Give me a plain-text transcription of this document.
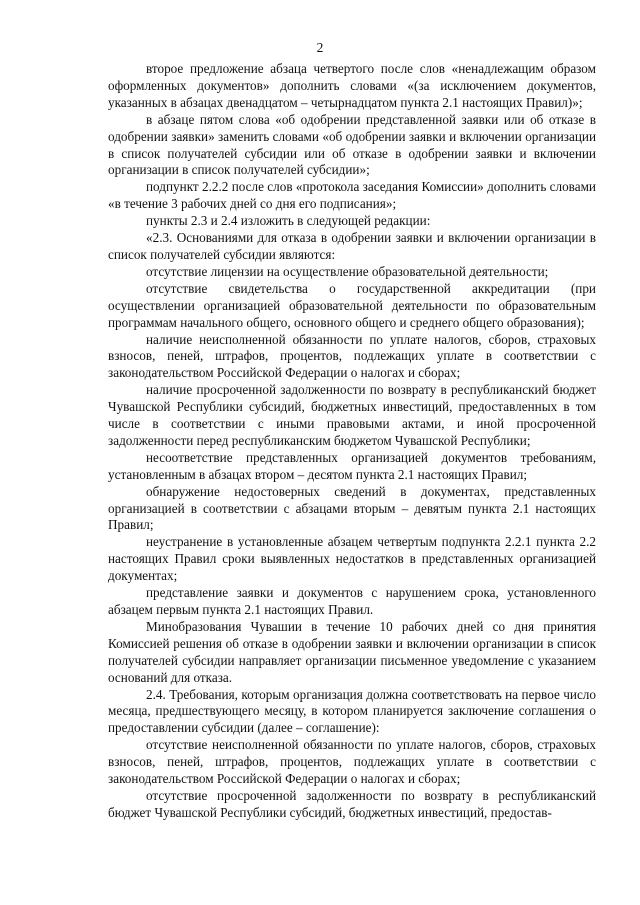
2

второе предложение абзаца четвертого после слов «ненадлежащим образом оформленных документов» дополнить словами «(за исключением документов, указанных в абзацах двенадцатом – четырнадцатом пункта 2.1 настоящих Правил)»;

в абзаце пятом слова «об одобрении представленной заявки или об отказе в одобрении заявки» заменить словами «об одобрении заявки и включении организации в список получателей субсидии или об отказе в одобрении заявки и включении организации в список получателей субсидии»;

подпункт 2.2.2 после слов «протокола заседания Комиссии» дополнить словами «в течение 3 рабочих дней со дня его подписания»;

пункты 2.3 и 2.4 изложить в следующей редакции:

«2.3. Основаниями для отказа в одобрении заявки и включении организации в список получателей субсидии являются:

отсутствие лицензии на осуществление образовательной деятельности;

отсутствие свидетельства о государственной аккредитации (при осуществлении организацией образовательной деятельности по образовательным программам начального общего, основного общего и среднего общего образования);

наличие неисполненной обязанности по уплате налогов, сборов, страховых взносов, пеней, штрафов, процентов, подлежащих уплате в соответствии с законодательством Российской Федерации о налогах и сборах;

наличие просроченной задолженности по возврату в республиканский бюджет Чувашской Республики субсидий, бюджетных инвестиций, предоставленных в том числе в соответствии с иными правовыми актами, и иной просроченной задолженности перед республиканским бюджетом Чувашской Республики;

несоответствие представленных организацией документов требованиям, установленным в абзацах втором – десятом пункта 2.1 настоящих Правил;

обнаружение недостоверных сведений в документах, представленных организацией в соответствии с абзацами вторым – девятым пункта 2.1 настоящих Правил;

неустранение в установленные абзацем четвертым подпункта 2.2.1 пункта 2.2 настоящих Правил сроки выявленных недостатков в представленных организацией документах;

представление заявки и документов с нарушением срока, установленного абзацем первым пункта 2.1 настоящих Правил.

Минобразования Чувашии в течение 10 рабочих дней со дня принятия Комиссией решения об отказе в одобрении заявки и включении организации в список получателей субсидии направляет организации письменное уведомление с указанием оснований для отказа.

2.4. Требования, которым организация должна соответствовать на первое число месяца, предшествующего месяцу, в котором планируется заключение соглашения о предоставлении субсидии (далее – соглашение):

отсутствие неисполненной обязанности по уплате налогов, сборов, страховых взносов, пеней, штрафов, процентов, подлежащих уплате в соответствии с законодательством Российской Федерации о налогах и сборах;

отсутствие просроченной задолженности по возврату в республиканский бюджет Чувашской Республики субсидий, бюджетных инвестиций, предостав-
